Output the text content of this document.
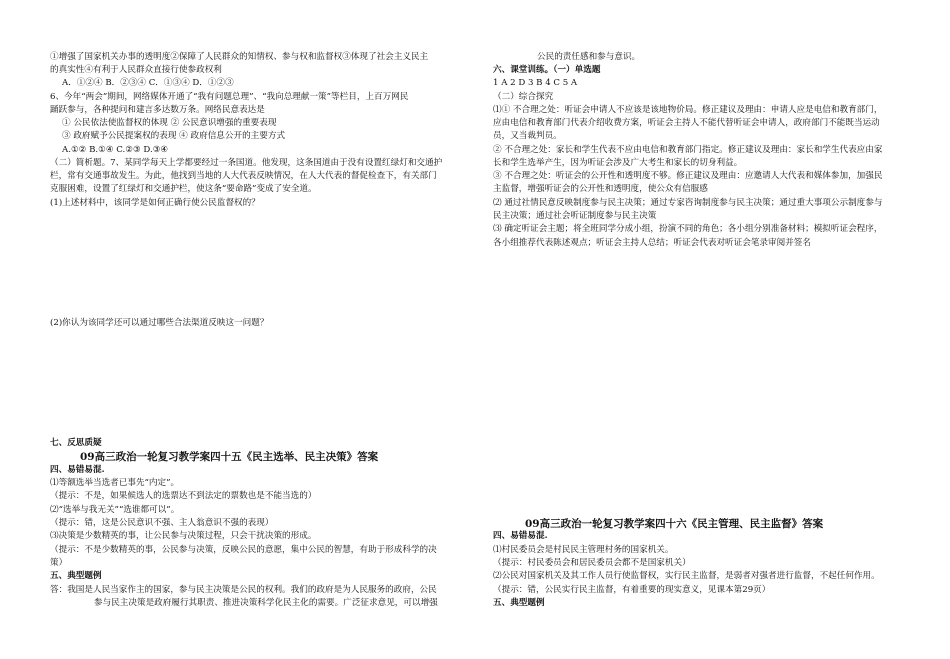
①增强了国家机关办事的透明度②保障了人民群众的知情权、参与权和监督权③体现了社会主义民主
的真实性④有利于人民群众直接行使参政权利
A．①②④ B．②③④ C．①③④ D．①②③
6、今年“两会”期间，网络媒体开通了“我有问题总理”、“我向总理献一策”等栏目，上百万网民
踊跃参与，各种提问和建言多达数万条。网络民意表达是
① 公民依法使监督权的体现 ② 公民意识增强的重要表现
③ 政府赋予公民提案权的表现 ④ 政府信息公开的主要方式
A.①② B.①④ C.②③ D.③④
（二）简析题。7、某同学每天上学都要经过一条国道。他发现，这条国道由于没有设置红绿灯和交通护
栏，常有交通事故发生。为此，他找到当地的人大代表反映情况，在人大代表的督促检查下，有关部门
克服困难，设置了红绿灯和交通护栏，使这条“要命路”变成了安全道。
(1)上述材料中，该同学是如何正确行使公民监督权的？
(2)你认为该同学还可以通过哪些合法渠道反映这一问题？
七、反思质疑
09高三政治一轮复习教学案四十五《民主选举、民主决策》答案
四、易错易混.
⑴等额选举当选者已事先“内定”。
（提示：不是，如果候选人的选票达不到法定的票数也是不能当选的）
⑵“选举与我无关”“选谁都可以”。
（提示：错，这是公民意识不强、主人翁意识不强的表现）
⑶决策是少数精英的事，让公民参与决策过程，只会干扰决策的形成。
（提示：不是少数精英的事，公民参与决策，反映公民的意愿，集中公民的智慧，有助于形成科学的决
策）
五、典型题例
答：我国是人民当家作主的国家，参与民主决策是公民的权利。我们的政府是为人民服务的政府，公民
参与民主决策是政府履行其职责、推进决策科学化民主化的需要。广泛征求意见，可以增强
公民的责任感和参与意识。
六、课堂训练。（一）单选题
1 A 2 D 3 B 4 C 5 A
（二）综合探究
⑴① 不合理之处：听证会申请人不应该是该地物价局。修正建议及理由：申请人应是电信和教育部门，
应由电信和教育部门代表介绍收费方案，听证会主持人不能代替听证会申请人，政府部门不能既当运动
员，又当裁判员。
② 不合理之处：家长和学生代表不应由电信和教育部门指定。修正建议及理由：家长和学生代表应由家
长和学生选举产生，因为听证会涉及广大考生和家长的切身利益。
③ 不合理之处：听证会的公开性和透明度不够。修正建议及理由：应邀请人大代表和媒体参加，加强民
主监督，增强听证会的公开性和透明度，使公众有信服感
⑵ 通过社情民意反映制度参与民主决策；通过专家咨询制度参与民主决策；通过重大事项公示制度参与
民主决策；通过社会听证制度参与民主决策
⑶ 确定听证会主题；将全班同学分成小组，扮演不同的角色；各小组分别准备材料；模拟听证会程序，
各小组推荐代表陈述观点；听证会主持人总结；听证会代表对听证会笔录审阅并签名
09高三政治一轮复习教学案四十六《民主管理、民主监督》答案
四、易错易混.
⑴村民委员会是村民民主管理村务的国家机关。
（提示：村民委员会和居民委员会都不是国家机关）
⑵公民对国家机关及其工作人员行使监督权，实行民主监督，是弱者对强者进行监督，不起任何作用。
（提示：错，公民实行民主监督，有着重要的现实意义，见课本第29页）
五、典型题例
